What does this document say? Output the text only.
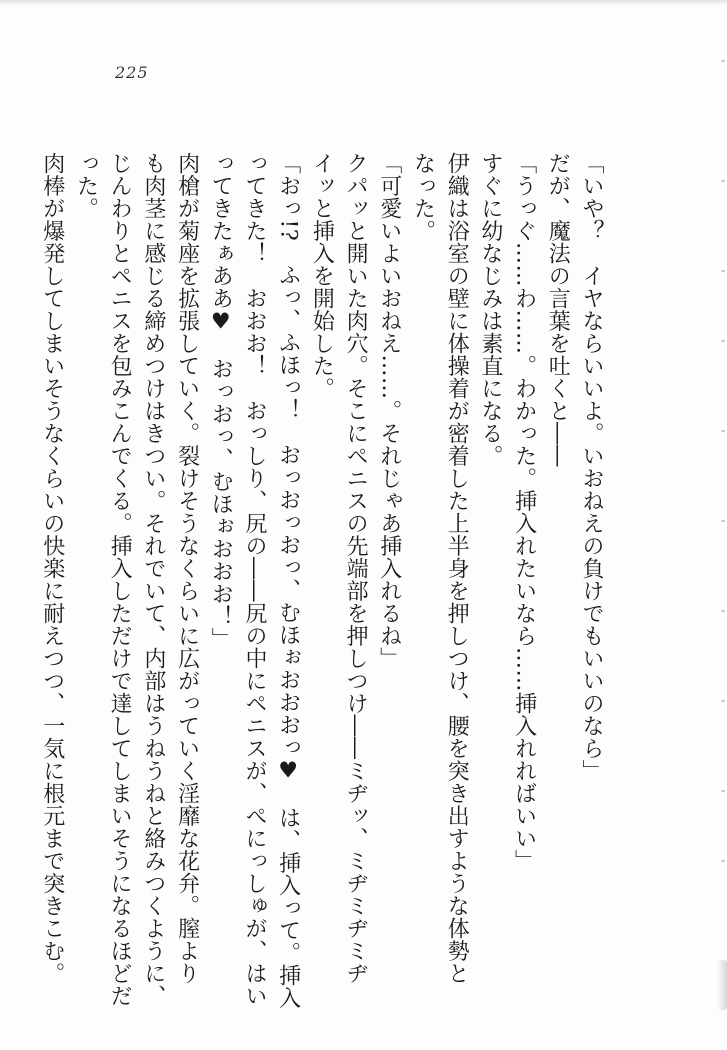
225
「いや？　イヤならいいよ。いおねえの負けでもいいのなら」
だが、魔法の言葉を吐くと――
「うっぐ……わ……。わかった。挿入れたいなら……挿入れればいい」
すぐに幼なじみは素直になる。
伊織は浴室の壁に体操着が密着した上半身を押しつけ、腰を突き出すような体勢と
なった。
「可愛いよいおねえ……。それじゃあ挿入れるね」
クパッと開いた肉穴。そこにペニスの先端部を押しつけ――ミヂッ、ミヂミヂミヂ
イッと挿入を開始した。
「おっ!?　ふっ、ふほっ！　おっおっおっ、むほぉおおおっ♥　は、挿入って。挿入
ってきた！　おおお！　おっしり、尻の――尻の中にペニスが、ぺにっしゅが、はい
ってきたぁああ♥　おっおっ、むほぉおおお！」
肉槍が菊座を拡張していく。裂けそうなくらいに広がっていく淫靡な花弁。膣より
も肉茎に感じる締めつけはきつい。それでいて、内部はうねうねと絡みつくように、
じんわりとペニスを包みこんでくる。挿入しただけで達してしまいそうになるほどだ
った。
肉棒が爆発してしまいそうなくらいの快楽に耐えつつ、一気に根元まで突きこむ。
